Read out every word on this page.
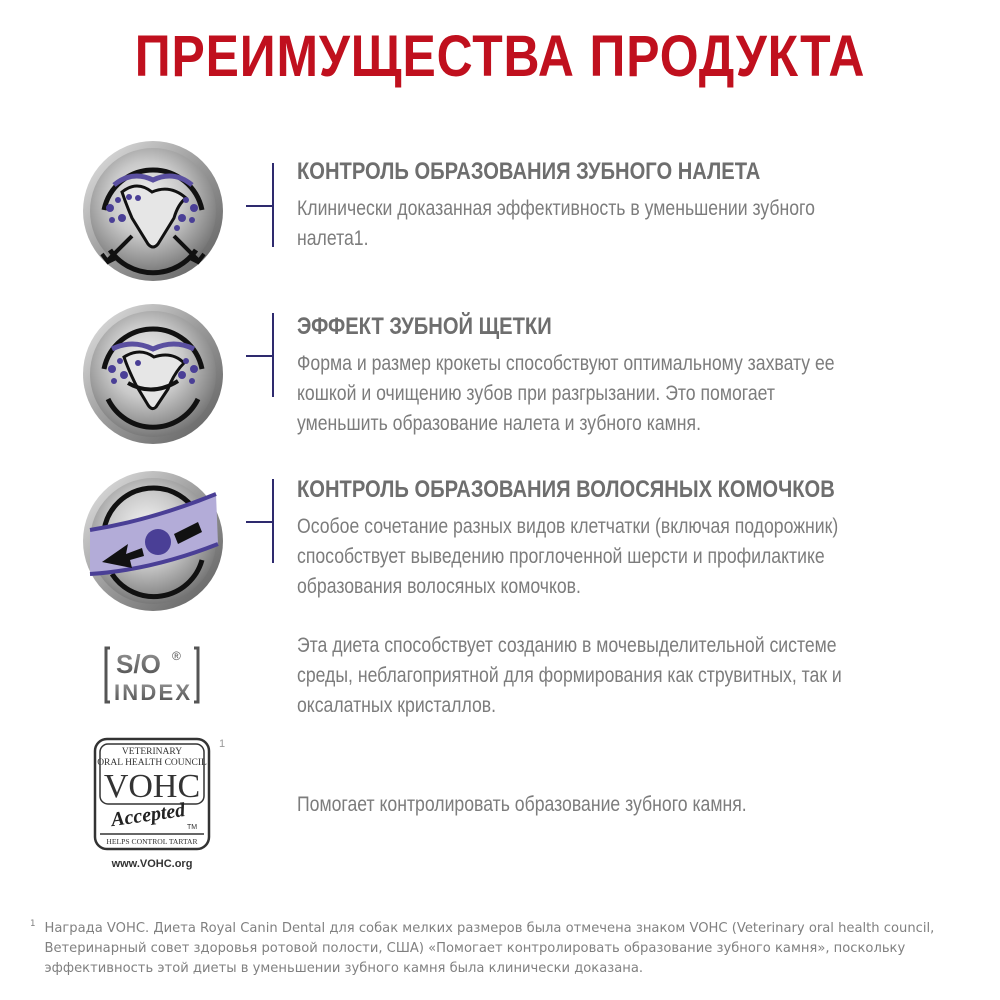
ПРЕИМУЩЕСТВА ПРОДУКТА
КОНТРОЛЬ ОБРАЗОВАНИЯ ЗУБНОГО НАЛЕТА
Клинически доказанная эффективность в уменьшении зубного налета1.
ЭФФЕКТ ЗУБНОЙ ЩЕТКИ
Форма и размер крокеты способствуют оптимальному захвату ее кошкой и очищению зубов при разгрызании. Это помогает уменьшить образование налета и зубного камня.
КОНТРОЛЬ ОБРАЗОВАНИЯ ВОЛОСЯНЫХ КОМОЧКОВ
Особое сочетание разных видов клетчатки (включая подорожник) способствует выведению проглоченной шерсти и профилактике образования волосяных комочков.
S/O ®
INDEX
Эта диета способствует созданию в мочевыделительной системе среды, неблагоприятной для формирования как струвитных, так и оксалатных кристаллов.
VETERINARY
ORAL HEALTH COUNCIL
VOHC
Accepted TM
HELPS CONTROL TARTAR
www.VOHC.org
1
Помогает контролировать образование зубного камня.
1 Награда VOHC. Диета Royal Canin Dental для собак мелких размеров была отмечена знаком VOHC (Veterinary oral health council, Ветеринарный совет здоровья ротовой полости, США) «Помогает контролировать образование зубного камня», поскольку эффективность этой диеты в уменьшении зубного камня была клинически доказана.
